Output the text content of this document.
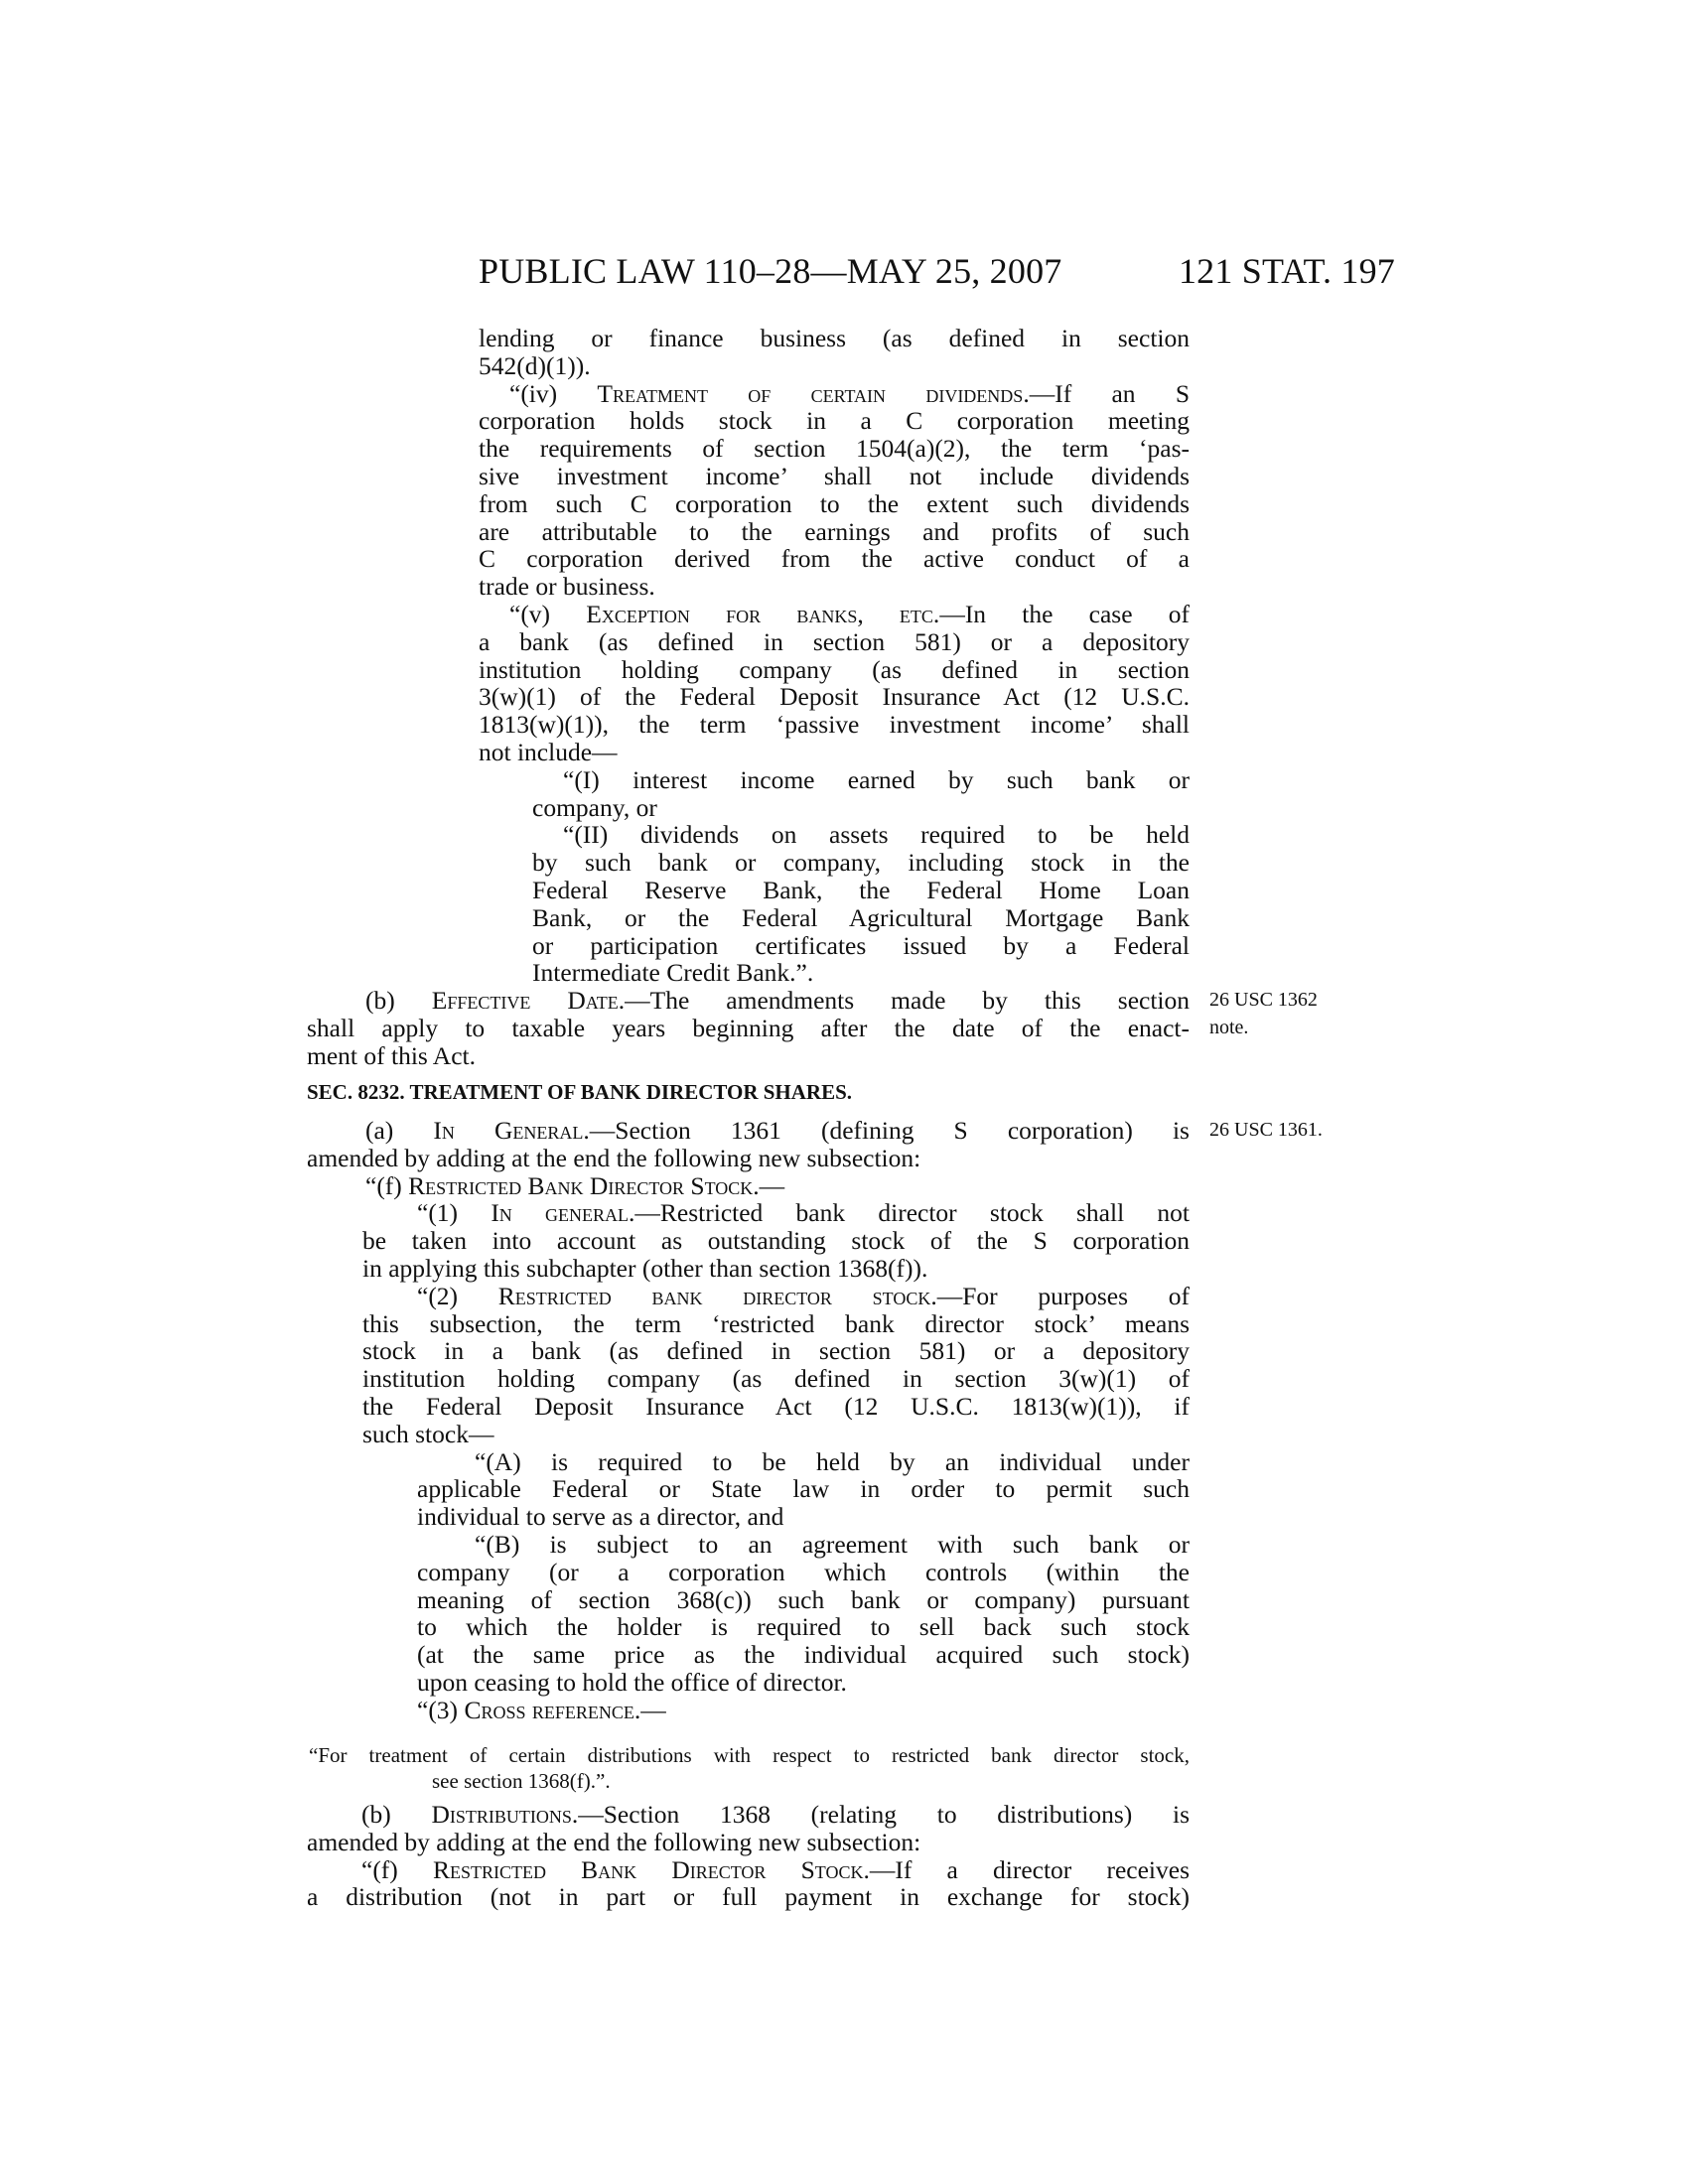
PUBLIC LAW 110–28—MAY 25, 2007	121 STAT. 197
lending or finance business (as defined in section
542(d)(1)).
“(iv) Treatment of certain dividends.—If an S
corporation holds stock in a C corporation meeting
the requirements of section 1504(a)(2), the term ‘pas-
sive investment income’ shall not include dividends
from such C corporation to the extent such dividends
are attributable to the earnings and profits of such
C corporation derived from the active conduct of a
trade or business.
“(v) Exception for banks, etc.—In the case of
a bank (as defined in section 581) or a depository
institution holding company (as defined in section
3(w)(1) of the Federal Deposit Insurance Act (12 U.S.C.
1813(w)(1)), the term ‘passive investment income’ shall
not include—
“(I) interest income earned by such bank or
company, or
“(II) dividends on assets required to be held
by such bank or company, including stock in the
Federal Reserve Bank, the Federal Home Loan
Bank, or the Federal Agricultural Mortgage Bank
or participation certificates issued by a Federal
Intermediate Credit Bank.”.
(b) Effective Date.—The amendments made by this section
shall apply to taxable years beginning after the date of the enact-
ment of this Act.
SEC. 8232. TREATMENT OF BANK DIRECTOR SHARES.
(a) In General.—Section 1361 (defining S corporation) is
amended by adding at the end the following new subsection:
“(f) Restricted Bank Director Stock.—
“(1) In general.—Restricted bank director stock shall not
be taken into account as outstanding stock of the S corporation
in applying this subchapter (other than section 1368(f)).
“(2) Restricted bank director stock.—For purposes of
this subsection, the term ‘restricted bank director stock’ means
stock in a bank (as defined in section 581) or a depository
institution holding company (as defined in section 3(w)(1) of
the Federal Deposit Insurance Act (12 U.S.C. 1813(w)(1)), if
such stock—
“(A) is required to be held by an individual under
applicable Federal or State law in order to permit such
individual to serve as a director, and
“(B) is subject to an agreement with such bank or
company (or a corporation which controls (within the
meaning of section 368(c)) such bank or company) pursuant
to which the holder is required to sell back such stock
(at the same price as the individual acquired such stock)
upon ceasing to hold the office of director.
“(3) Cross reference.—
“For treatment of certain distributions with respect to restricted bank director stock,
see section 1368(f).”.
(b) Distributions.—Section 1368 (relating to distributions) is
amended by adding at the end the following new subsection:
“(f) Restricted Bank Director Stock.—If a director receives
a distribution (not in part or full payment in exchange for stock)
26 USC 1362
note.
26 USC 1361.
